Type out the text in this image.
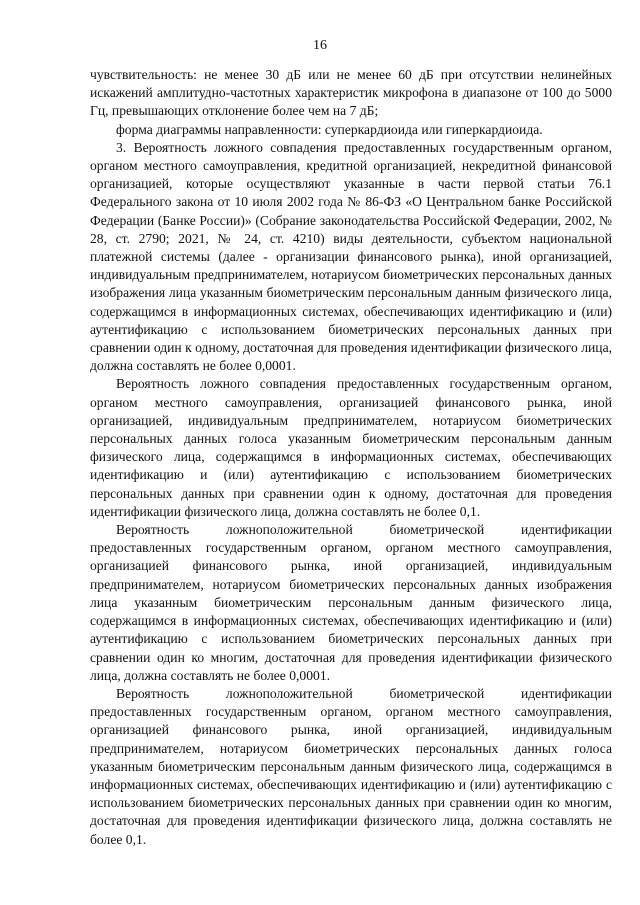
16

чувствительность: не менее 30 дБ или не менее 60 дБ при отсутствии нелинейных искажений амплитудно-частотных характеристик микрофона в диапазоне от 100 до 5000 Гц, превышающих отклонение более чем на 7 дБ;

форма диаграммы направленности: суперкардиоида или гиперкардиоида.

3. Вероятность ложного совпадения предоставленных государственным органом, органом местного самоуправления, кредитной организацией, некредитной финансовой организацией, которые осуществляют указанные в части первой статьи 76.1 Федерального закона от 10 июля 2002 года № 86-ФЗ «О Центральном банке Российской Федерации (Банке России)» (Собрание законодательства Российской Федерации, 2002, № 28, ст. 2790; 2021, № 24, ст. 4210) виды деятельности, субъектом национальной платежной системы (далее - организации финансового рынка), иной организацией, индивидуальным предпринимателем, нотариусом биометрических персональных данных изображения лица указанным биометрическим персональным данным физического лица, содержащимся в информационных системах, обеспечивающих идентификацию и (или) аутентификацию с использованием биометрических персональных данных при сравнении один к одному, достаточная для проведения идентификации физического лица, должна составлять не более 0,0001.

Вероятность ложного совпадения предоставленных государственным органом, органом местного самоуправления, организацией финансового рынка, иной организацией, индивидуальным предпринимателем, нотариусом биометрических персональных данных голоса указанным биометрическим персональным данным физического лица, содержащимся в информационных системах, обеспечивающих идентификацию и (или) аутентификацию с использованием биометрических персональных данных при сравнении один к одному, достаточная для проведения идентификации физического лица, должна составлять не более 0,1.

Вероятность ложноположительной биометрической идентификации предоставленных государственным органом, органом местного самоуправления, организацией финансового рынка, иной организацией, индивидуальным предпринимателем, нотариусом биометрических персональных данных изображения лица указанным биометрическим персональным данным физического лица, содержащимся в информационных системах, обеспечивающих идентификацию и (или) аутентификацию с использованием биометрических персональных данных при сравнении один ко многим, достаточная для проведения идентификации физического лица, должна составлять не более 0,0001.

Вероятность ложноположительной биометрической идентификации предоставленных государственным органом, органом местного самоуправления, организацией финансового рынка, иной организацией, индивидуальным предпринимателем, нотариусом биометрических персональных данных голоса указанным биометрическим персональным данным физического лица, содержащимся в информационных системах, обеспечивающих идентификацию и (или) аутентификацию с использованием биометрических персональных данных при сравнении один ко многим, достаточная для проведения идентификации физического лица, должна составлять не более 0,1.
